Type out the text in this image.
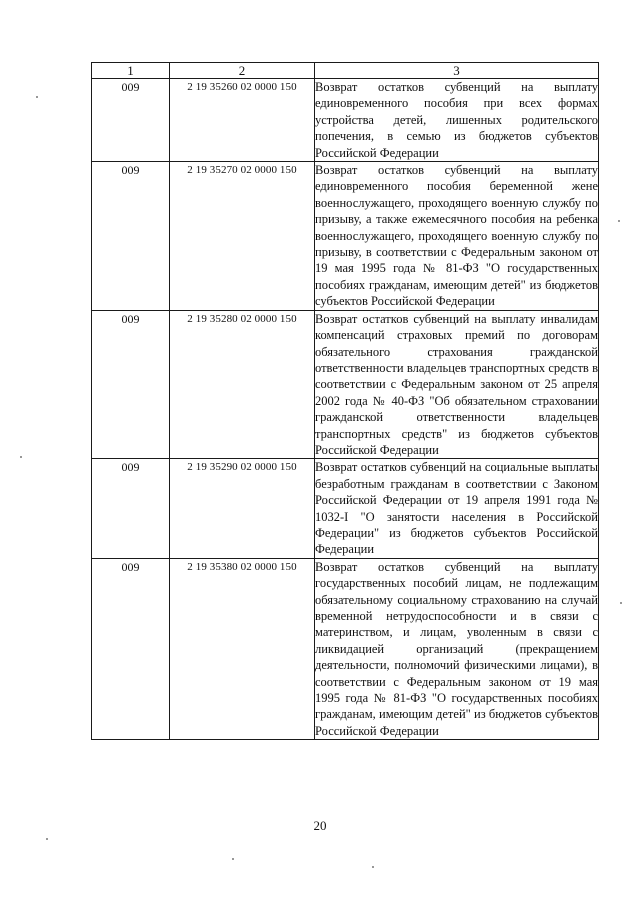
1	2	3
009	2 19 35260 02 0000 150	Возврат остатков субвенций на выплату единовременного пособия при всех формах устройства детей, лишенных родительского попечения, в семью из бюджетов субъектов Российской Федерации
009	2 19 35270 02 0000 150	Возврат остатков субвенций на выплату единовременного пособия беременной жене военнослужащего, проходящего военную службу по призыву, а также ежемесячного пособия на ребенка военнослужащего, проходящего военную службу по призыву, в соответствии с Федеральным законом от 19 мая 1995 года № 81-ФЗ "О государственных пособиях гражданам, имеющим детей" из бюджетов субъектов Российской Федерации
009	2 19 35280 02 0000 150	Возврат остатков субвенций на выплату инвалидам компенсаций страховых премий по договорам обязательного страхования гражданской ответственности владельцев транспортных средств в соответствии с Федеральным законом от 25 апреля 2002 года № 40-ФЗ "Об обязательном страховании гражданской ответственности владельцев транспортных средств" из бюджетов субъектов Российской Федерации
009	2 19 35290 02 0000 150	Возврат остатков субвенций на социальные выплаты безработным гражданам в соответствии с Законом Российской Федерации от 19 апреля 1991 года № 1032-I "О занятости населения в Российской Федерации" из бюджетов субъектов Российской Федерации
009	2 19 35380 02 0000 150	Возврат остатков субвенций на выплату государственных пособий лицам, не подлежащим обязательному социальному страхованию на случай временной нетрудоспособности и в связи с материнством, и лицам, уволенным в связи с ликвидацией организаций (прекращением деятельности, полномочий физическими лицами), в соответствии с Федеральным законом от 19 мая 1995 года № 81-ФЗ "О государственных пособиях гражданам, имеющим детей" из бюджетов субъектов Российской Федерации
20
